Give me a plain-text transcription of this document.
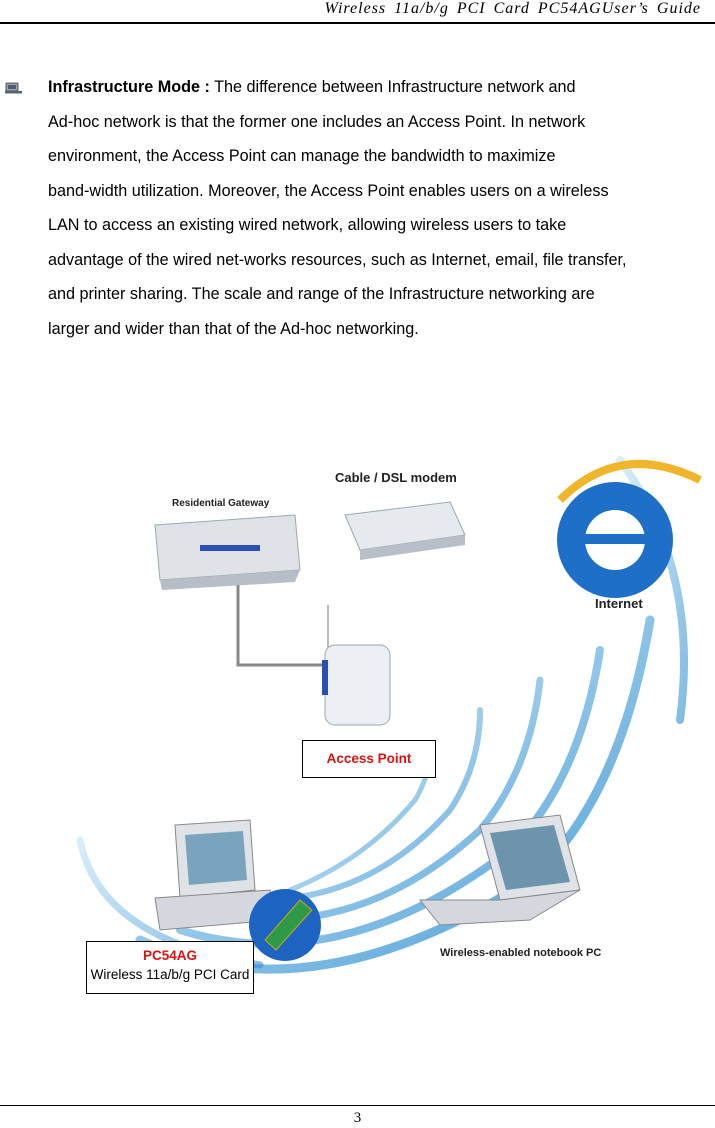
Wireless 11a/b/g PCI Card PC54AGUser’s Guide
Infrastructure Mode : The difference between Infrastructure network and
Ad-hoc network is that the former one includes an Access Point. In network
environment, the Access Point can manage the bandwidth to maximize
band-width utilization. Moreover, the Access Point enables users on a wireless
LAN to access an existing wired network, allowing wireless users to take
advantage of the wired net-works resources, such as Internet, email, file transfer,
and printer sharing. The scale and range of the Infrastructure networking are
larger and wider than that of the Ad-hoc networking.
Residential Gateway
Cable / DSL modem
Internet
Wireless-enabled notebook PC
Access Point
PC54AG
Wireless 11a/b/g PCI Card
3
